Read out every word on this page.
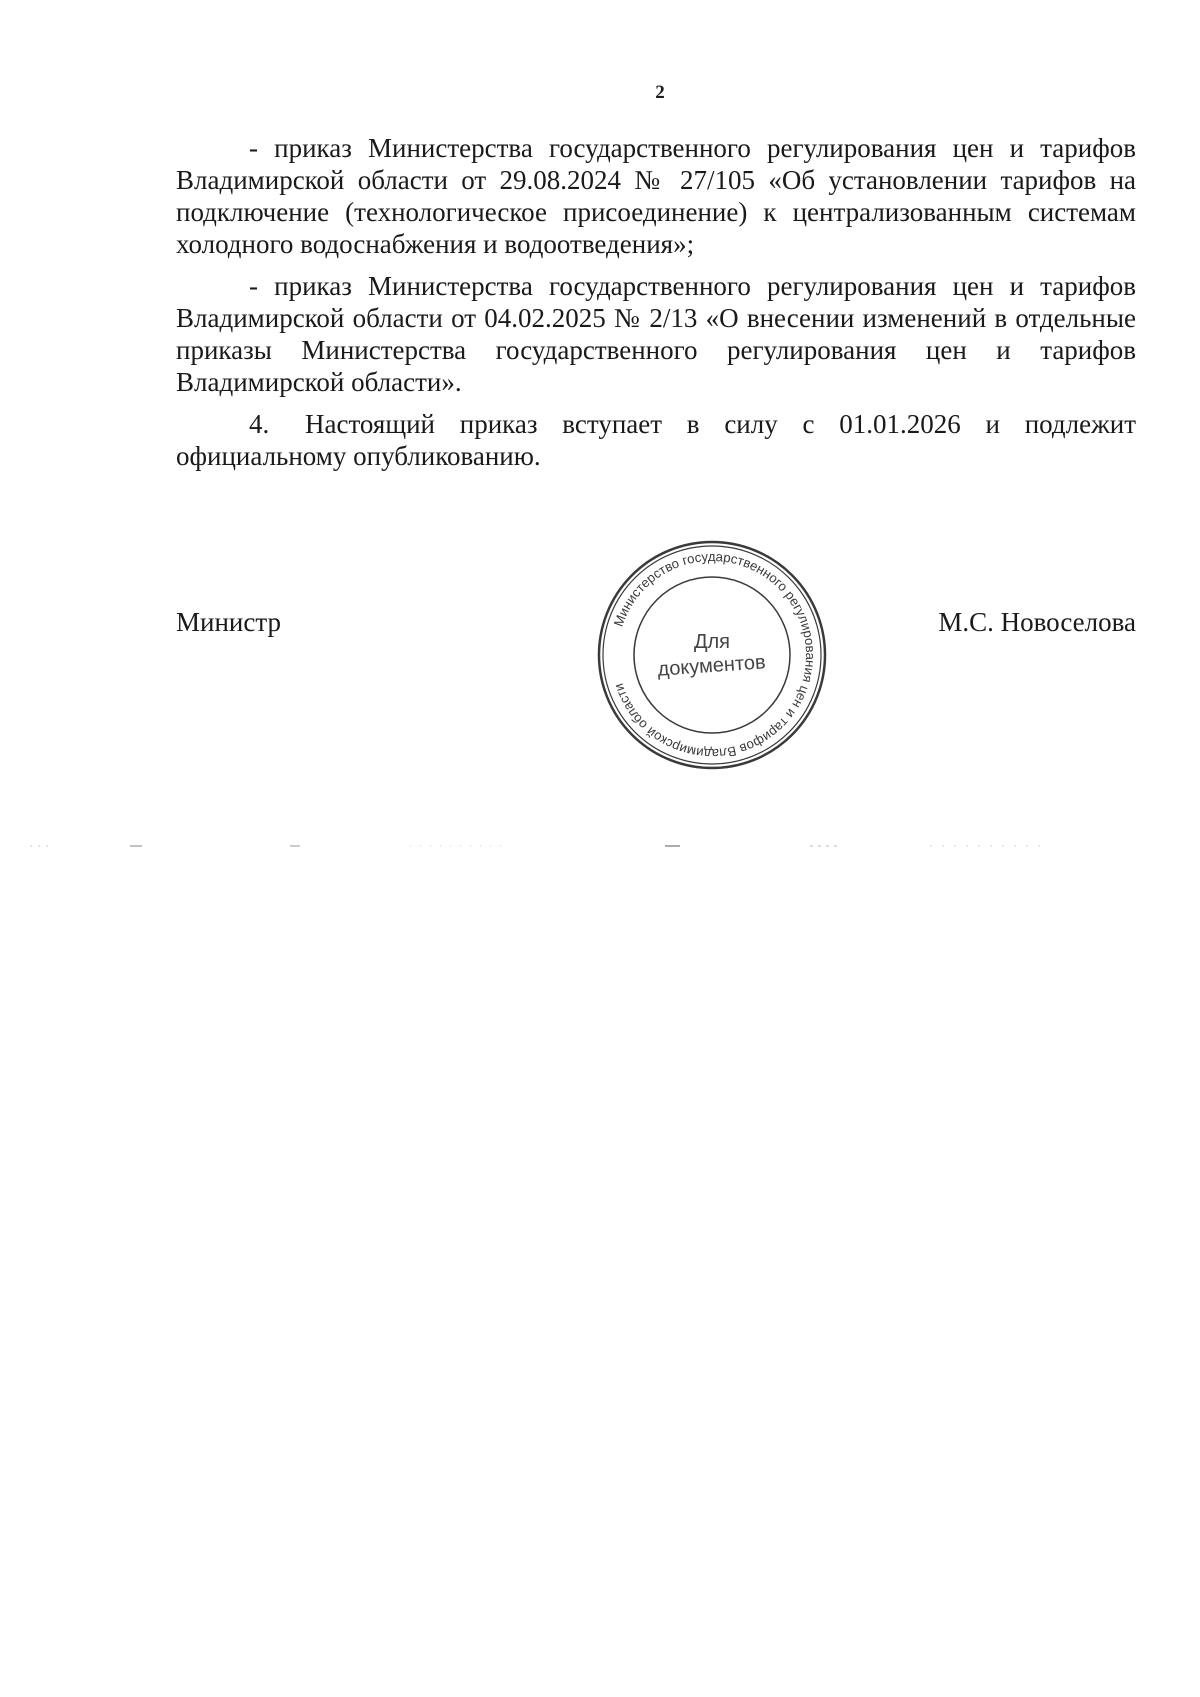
2

- приказ Министерства государственного регулирования цен и тарифов Владимирской области от 29.08.2024 № 27/105 «Об установлении тарифов на подключение (технологическое присоединение) к централизованным системам холодного водоснабжения и водоотведения»;

- приказ Министерства государственного регулирования цен и тарифов Владимирской области от 04.02.2025 № 2/13 «О внесении изменений в отдельные приказы Министерства государственного регулирования цен и тарифов Владимирской области».

4. Настоящий приказ вступает в силу с 01.01.2026 и подлежит официальному опубликованию.

Министр	М.С. Новоселова
Министерство государственного регулирования цен и тарифов Владимирской области
Для
документов
